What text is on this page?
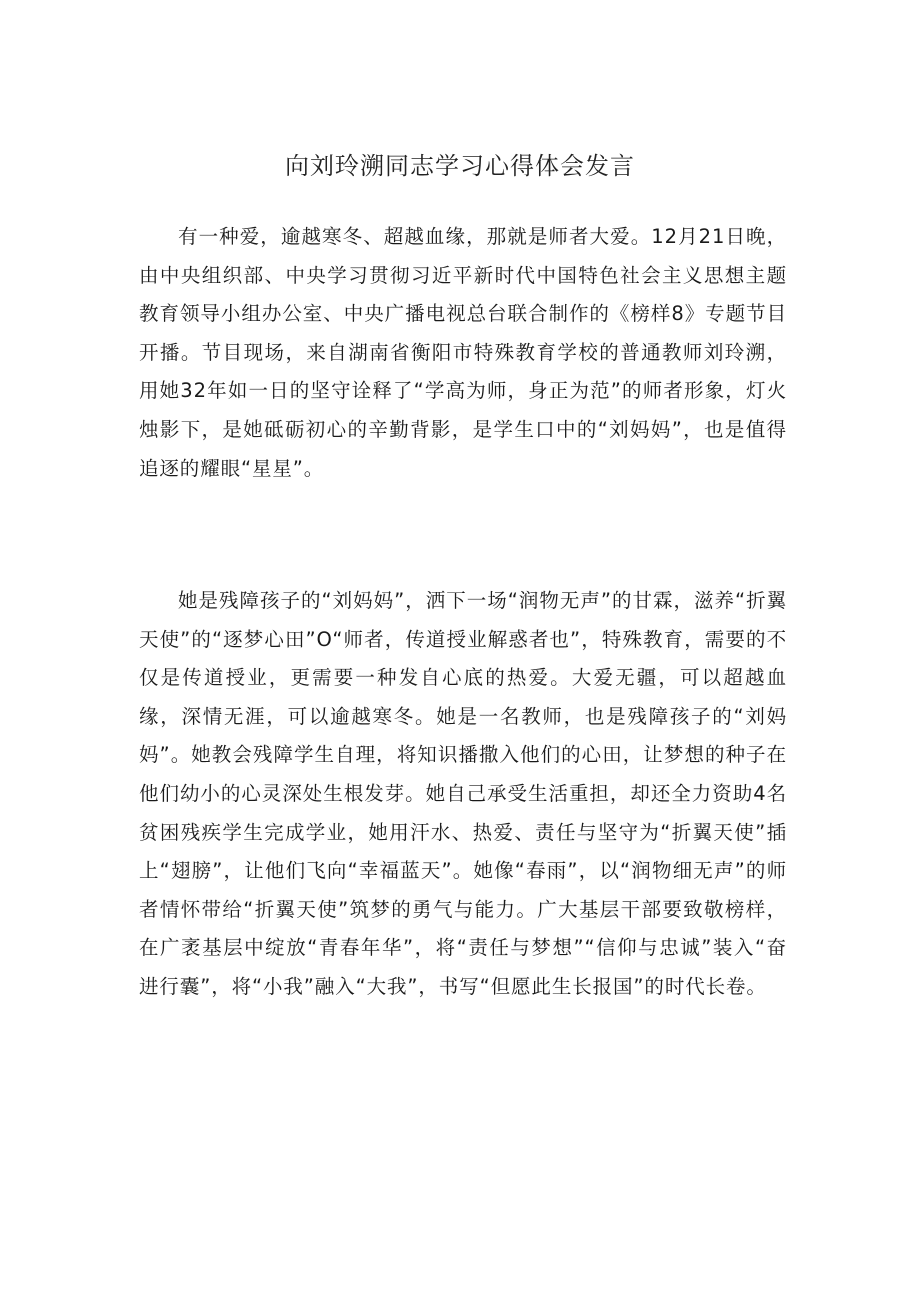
向刘玲溯同志学习心得体会发言

有一种爱，逾越寒冬、超越血缘，那就是师者大爱。12月21日晚，由中央组织部、中央学习贯彻习近平新时代中国特色社会主义思想主题教育领导小组办公室、中央广播电视总台联合制作的《榜样8》专题节目开播。节目现场，来自湖南省衡阳市特殊教育学校的普通教师刘玲溯，用她32年如一日的坚守诠释了“学高为师，身正为范”的师者形象，灯火烛影下，是她砥砺初心的辛勤背影，是学生口中的“刘妈妈”，也是值得追逐的耀眼“星星”。

她是残障孩子的“刘妈妈”，洒下一场“润物无声”的甘霖，滋养“折翼天使”的“逐梦心田”O“师者，传道授业解惑者也”，特殊教育，需要的不仅是传道授业，更需要一种发自心底的热爱。大爱无疆，可以超越血缘，深情无涯，可以逾越寒冬。她是一名教师，也是残障孩子的“刘妈妈”。她教会残障学生自理，将知识播撒入他们的心田，让梦想的种子在他们幼小的心灵深处生根发芽。她自己承受生活重担，却还全力资助4名贫困残疾学生完成学业，她用汗水、热爱、责任与坚守为“折翼天使”插上“翅膀”，让他们飞向“幸福蓝天”。她像“春雨”，以“润物细无声”的师者情怀带给“折翼天使”筑梦的勇气与能力。广大基层干部要致敬榜样，在广袤基层中绽放“青春年华”，将“责任与梦想”“信仰与忠诚”装入“奋进行囊”，将“小我”融入“大我”，书写“但愿此生长报国”的时代长卷。
